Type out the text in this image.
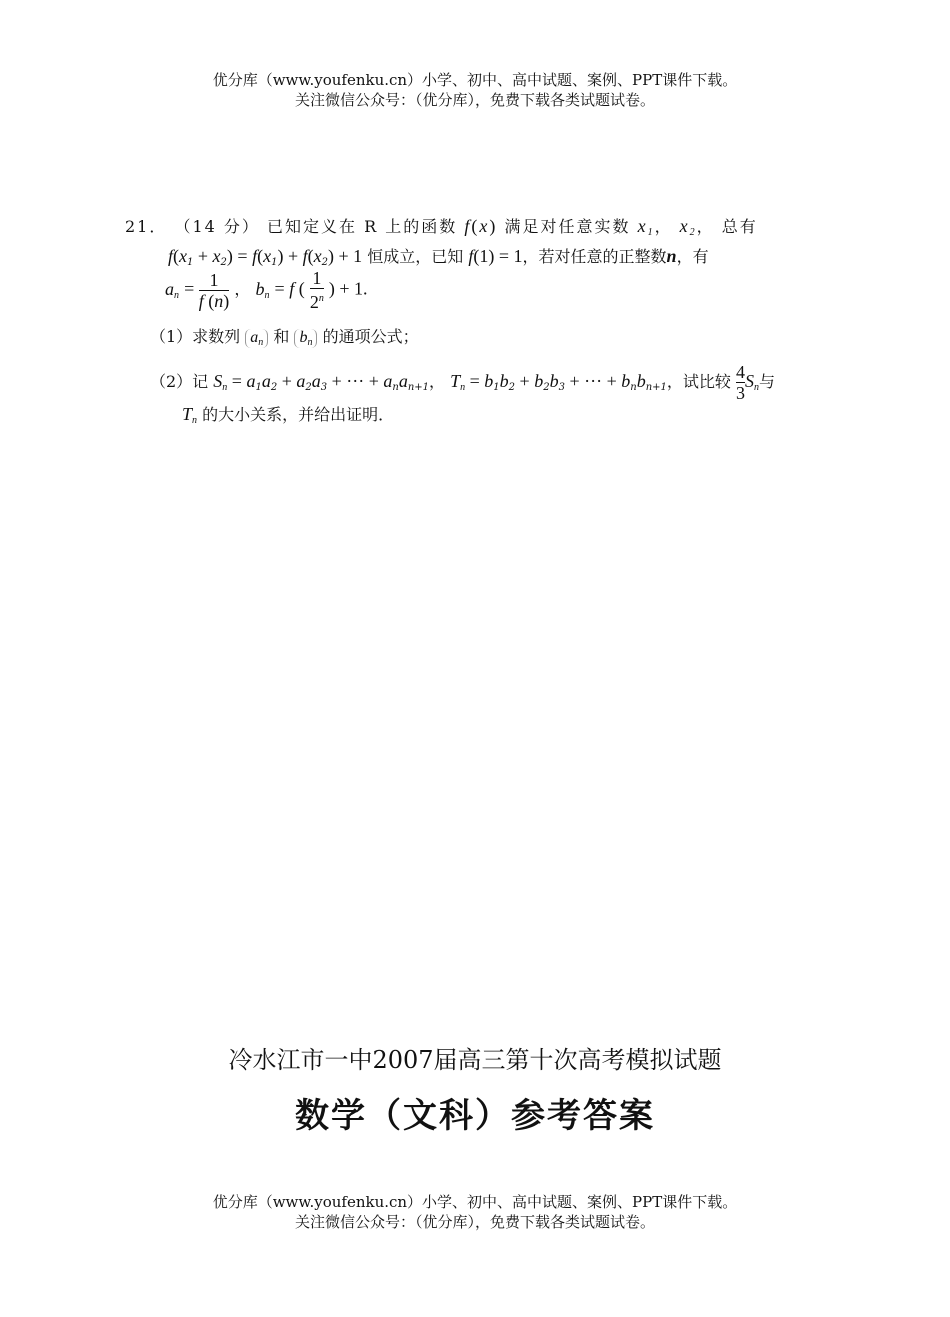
优分库（www.youfenku.cn）小学、初中、高中试题、案例、PPT课件下载。
关注微信公众号：（优分库），免费下载各类试题试卷。
21． （14 分） 已知定义在 R 上的函数 f(x) 满足对任意实数 $x_1$， $x_2$， 总有
$f(x_1 + x_2) = f(x_1) + f(x_2) + 1$ 恒成立，已知 f(1) = 1，若对任意的正整数n，有
$a_n = \frac{1}{f (n)}$ ， $b_n = f$ ( $\frac{1}{2^n}$ ) + 1.
（1）求数列 $a_n$ 和 $b_n$ 的通项公式；
（2）记 $S_n = a_1a_2 + a_2a_3$ + ··· + $a_na_{n+1}$， $T_n = b_1b_2 + b_2b_3$ + ··· + $b_nb_{n+1}$，试比较 $\frac{4}{3} S_n$与
$T_n$ 的大小关系，并给出证明．
冷水江市一中2007届高三第十次高考模拟试题
数学（文科）参考答案
优分库（www.youfenku.cn）小学、初中、高中试题、案例、PPT课件下载。
关注微信公众号：（优分库），免费下载各类试题试卷。
